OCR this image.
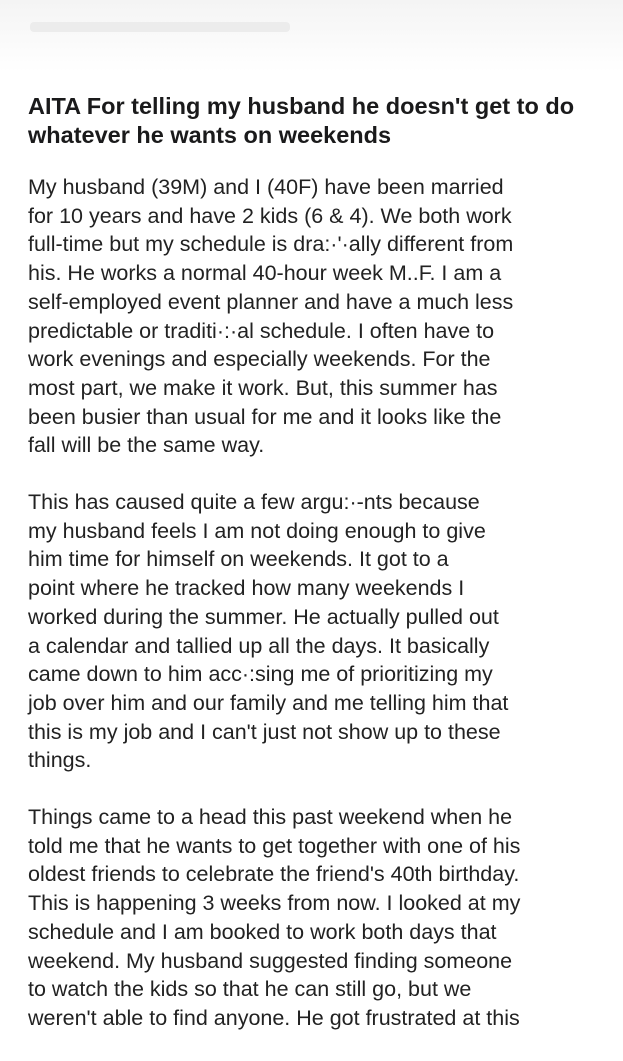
AITA For telling my husband he doesn't get to do whatever he wants on weekends

My husband (39M) and I (40F) have been married
for 10 years and have 2 kids (6 & 4). We both work
full-time but my schedule is dra:·'·ally different from
his. He works a normal 40-hour week M..F. I am a
self-employed event planner and have a much less
predictable or traditi·:·al schedule. I often have to
work evenings and especially weekends. For the
most part, we make it work. But, this summer has
been busier than usual for me and it looks like the
fall will be the same way.

This has caused quite a few argu:·-nts because
my husband feels I am not doing enough to give
him time for himself on weekends. It got to a
point where he tracked how many weekends I
worked during the summer. He actually pulled out
a calendar and tallied up all the days. It basically
came down to him acc·:sing me of prioritizing my
job over him and our family and me telling him that
this is my job and I can't just not show up to these
things.

Things came to a head this past weekend when he
told me that he wants to get together with one of his
oldest friends to celebrate the friend's 40th birthday.
This is happening 3 weeks from now. I looked at my
schedule and I am booked to work both days that
weekend. My husband suggested finding someone
to watch the kids so that he can still go, but we
weren't able to find anyone. He got frustrated at this
